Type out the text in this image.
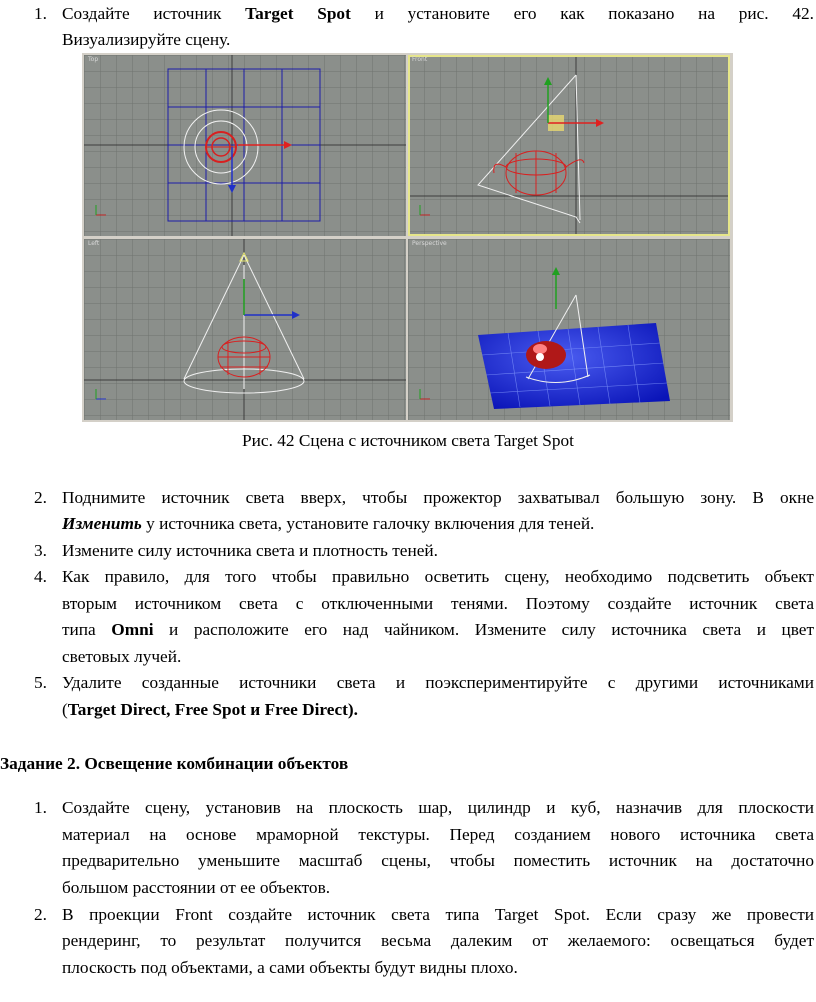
1. Создайте источник Target Spot и установите его как показано на рис. 42.
Визуализируйте сцену.
Top	Front
Left	Perspective
Рис. 42 Сцена с источником света Target Spot
2. Поднимите источник света вверх, чтобы прожектор захватывал большую зону. В окне
Изменить у источника света, установите галочку включения для теней.
3. Измените силу источника света и плотность теней.
4. Как правило, для того чтобы правильно осветить сцену, необходимо подсветить объект
вторым источником света с отключенными тенями. Поэтому создайте источник света
типа Omni и расположите его над чайником. Измените силу источника света и цвет
световых лучей.
5. Удалите созданные источники света и поэкспериментируйте с другими источниками
(Target Direct, Free Spot и Free Direct).
Задание 2. Освещение комбинации объектов
1. Создайте сцену, установив на плоскость шар, цилиндр и куб, назначив для плоскости
материал на основе мраморной текстуры. Перед созданием нового источника света
предварительно уменьшите масштаб сцены, чтобы поместить источник на достаточно
большом расстоянии от ее объектов.
2. В проекции Front создайте источник света типа Target Spot. Если сразу же провести
рендеринг, то результат получится весьма далеким от желаемого: освещаться будет
плоскость под объектами, а сами объекты будут видны плохо.
